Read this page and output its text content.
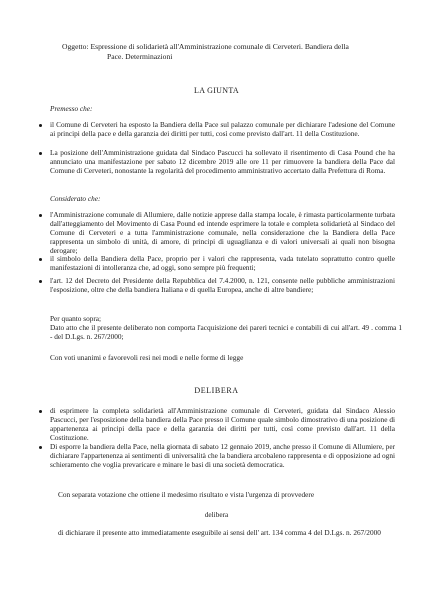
Oggetto: Espressione di solidarietà all'Amministrazione comunale di Cerveteri. Bandiera della
Pace. Determinazioni
LA GIUNTA
Premesso che:
il Comune di Cerveteri ha esposto la Bandiera della Pace sul palazzo comunale per dichiarare l'adesione del Comune ai principi della pace e della garanzia dei diritti per tutti, così come previsto dall'art. 11 della Costituzione.
La posizione dell'Amministrazione guidata dal Sindaco Pascucci ha sollevato il risentimento di Casa Pound che ha annunciato una manifestazione per sabato 12 dicembre 2019 alle ore 11 per rimuovere la bandiera della Pace dal Comune di Cerveteri, nonostante la regolarità del procedimento amministrativo accertato dalla Prefettura di Roma.
Considerato che:
l'Amministrazione comunale di Allumiere, dalle notizie apprese dalla stampa locale, è rimasta particolarmente turbata dall'atteggiamento del Movimento di Casa Pound ed intende esprimere la totale e completa solidarietà al Sindaco del Comune di Cerveteri e a tutta l'amministrazione comunale, nella considerazione che la Bandiera della Pace rappresenta un simbolo di unità, di amore, di principi di uguaglianza e di valori universali ai quali non bisogna derogare;
il simbolo della Bandiera della Pace, proprio per i valori che rappresenta, vada tutelato soprattutto contro quelle manifestazioni di intolleranza che, ad oggi, sono sempre più frequenti;
l'art. 12 del Decreto del Presidente della Repubblica del 7.4.2000, n. 121, consente nelle pubbliche amministrazioni l'esposizione, oltre che della bandiera Italiana e di quella Europea, anche di altre bandiere;
Per quanto sopra;
Dato atto che il presente deliberato non comporta l'acquisizione dei pareri tecnici e contabili di cui all'art. 49 . comma 1 - del D.Lgs. n. 267/2000;
Con voti unanimi e favorevoli resi nei modi e nelle forme di legge
DELIBERA
di esprimere la completa solidarietà all'Amministrazione comunale di Cerveteri, guidata dal Sindaco Alessio Pascucci, per l'esposizione della bandiera della Pace presso il Comune quale simbolo dimostrativo di una posizione di appartenenza ai principi della pace e della garanzia dei diritti per tutti, così come previsto dall'art. 11 della Costituzione.
Di esporre la bandiera della Pace, nella giornata di sabato 12 gennaio 2019, anche presso il Comune di Allumiere, per dichiarare l'appartenenza ai sentimenti di universalità che la bandiera arcobaleno rappresenta e di opposizione ad ogni schieramento che voglia prevaricare e minare le basi di una società democratica.
Con separata votazione che ottiene il medesimo risultato e vista l'urgenza di provvedere
delibera
di dichiarare il presente atto immediatamente eseguibile ai sensi dell' art. 134 comma 4 del D.Lgs. n. 267/2000
